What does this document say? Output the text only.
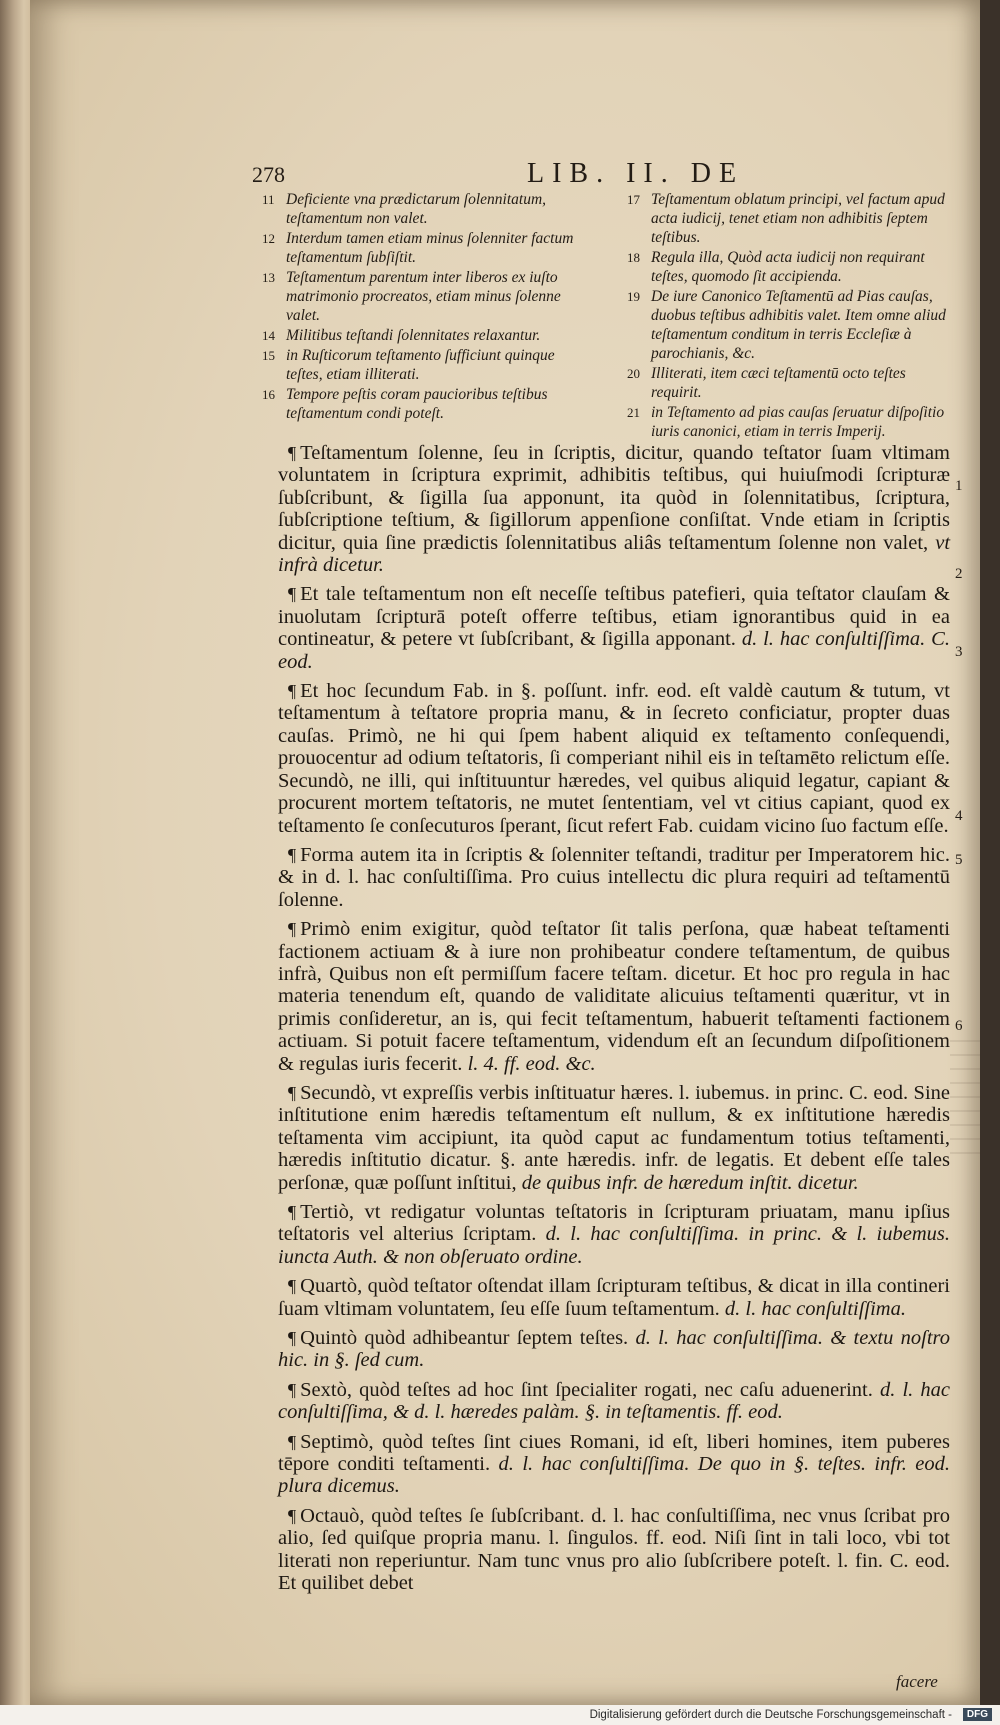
278	LIB. II. DE
11 Deficiente vna prædictarum ſolennitatum, teſtamentum non valet.
12 Interdum tamen etiam minus ſolenniter factum teſtamentum ſubſiſtit.
13 Teſtamentum parentum inter liberos ex iuſto matrimonio procreatos, etiam minus ſolenne valet.
14 Militibus teſtandi ſolennitates relaxantur.
15 in Ruſticorum teſtamento ſufficiunt quinque teſtes, etiam illiterati.
16 Tempore peſtis coram paucioribus teſtibus teſtamentum condi poteſt.
17 Teſtamentum oblatum principi, vel factum apud acta iudicij, tenet etiam non adhibitis ſeptem teſtibus.
18 Regula illa, Quòd acta iudicij non requirant teſtes, quomodo ſit accipienda.
19 De iure Canonico Teſtamentū ad Pias cauſas, duobus teſtibus adhibitis valet. Item omne aliud teſtamentum conditum in terris Eccleſiæ à parochianis, &c.
20 Illiterati, item cæci teſtamentū octo teſtes requirit.
21 in Teſtamento ad pias cauſas ſeruatur diſpoſitio iuris canonici, etiam in terris Imperij.

¶ Teſtamentum ſolenne, ſeu in ſcriptis, dicitur, quando teſtator ſuam vltimam voluntatem in ſcriptura exprimit, adhibitis teſtibus, qui huiuſmodi ſcripturæ ſubſcribunt, & ſigilla ſua apponunt, ita quòd in ſolennitatibus, ſcriptura, ſubſcriptione teſtium, & ſigillorum appenſione conſiſtat. Vnde etiam in ſcriptis dicitur, quia ſine prædictis ſolennitatibus aliâs teſtamentum ſolenne non valet, vt infrà dicetur.

¶ Et tale teſtamentum non eſt neceſſe teſtibus patefieri, quia teſtator clauſam & inuolutam ſcripturā poteſt offerre teſtibus, etiam ignorantibus quid in ea contineatur, & petere vt ſubſcribant, & ſigilla apponant. d. l. hac conſultiſſima. C. eod.

¶ Et hoc ſecundum Fab. in §. poſſunt. infr. eod. eſt valdè cautum & tutum, vt teſtamentum à teſtatore propria manu, & in ſecreto conficiatur, propter duas cauſas. Primò, ne hi qui ſpem habent aliquid ex teſtamento conſequendi, prouocentur ad odium teſtatoris, ſi comperiant nihil eis in teſtamēto relictum eſſe. Secundò, ne illi, qui inſtituuntur hæredes, vel quibus aliquid legatur, capiant & procurent mortem teſtatoris, ne mutet ſententiam, vel vt citius capiant, quod ex teſtamento ſe conſecuturos ſperant, ſicut refert Fab. cuidam vicino ſuo factum eſſe.

¶ Forma autem ita in ſcriptis & ſolenniter teſtandi, traditur per Imperatorem hic. & in d. l. hac conſultiſſima. Pro cuius intellectu dic plura requiri ad teſtamentū ſolenne.

¶ Primò enim exigitur, quòd teſtator ſit talis perſona, quæ habeat teſtamenti factionem actiuam & à iure non prohibeatur condere teſtamentum, de quibus infrà, Quibus non eſt permiſſum facere teſtam. dicetur. Et hoc pro regula in hac materia tenendum eſt, quando de validitate alicuius teſtamenti quæritur, vt in primis conſideretur, an is, qui fecit teſtamentum, habuerit teſtamenti factionem actiuam. Si potuit facere teſtamentum, videndum eſt an ſecundum diſpoſitionem & regulas iuris fecerit. l. 4. ff. eod. &c.

¶ Secundò, vt expreſſis verbis inſtituatur hæres. l. iubemus. in princ. C. eod. Sine inſtitutione enim hæredis teſtamentum eſt nullum, & ex inſtitutione hæredis teſtamenta vim accipiunt, ita quòd caput ac fundamentum totius teſtamenti, hæredis inſtitutio dicatur. §. ante hæredis. infr. de legatis. Et debent eſſe tales perſonæ, quæ poſſunt inſtitui, de quibus infr. de hæredum inſtit. dicetur.

¶ Tertiò, vt redigatur voluntas teſtatoris in ſcripturam priuatam, manu ipſius teſtatoris vel alterius ſcriptam. d. l. hac conſultiſſima. in princ. & l. iubemus. iuncta Auth. & non obſeruato ordine.

¶ Quartò, quòd teſtator oſtendat illam ſcripturam teſtibus, & dicat in illa contineri ſuam vltimam voluntatem, ſeu eſſe ſuum teſtamentum. d. l. hac conſultiſſima.

¶ Quintò quòd adhibeantur ſeptem teſtes. d. l. hac conſultiſſima. & textu noſtro hic. in §. ſed cum.

¶ Sextò, quòd teſtes ad hoc ſint ſpecialiter rogati, nec caſu aduenerint. d. l. hac conſultiſſima, & d. l. hæredes palàm. §. in teſtamentis. ff. eod.

¶ Septimò, quòd teſtes ſint ciues Romani, id eſt, liberi homines, item puberes tēpore conditi teſtamenti. d. l. hac conſultiſſima. De quo in §. teſtes. infr. eod. plura dicemus.

¶ Octauò, quòd teſtes ſe ſubſcribant. d. l. hac conſultiſſima, nec vnus ſcribat pro alio, ſed quiſque propria manu. l. ſingulos. ff. eod. Niſi ſint in tali loco, vbi tot literati non reperiuntur. Nam tunc vnus pro alio ſubſcribere poteſt. l. fin. C. eod. Et quilibet debet

1
2
3
4
5
6
facere
Digitalisierung gefördert durch die Deutsche Forschungsgemeinschaft -	DFG
